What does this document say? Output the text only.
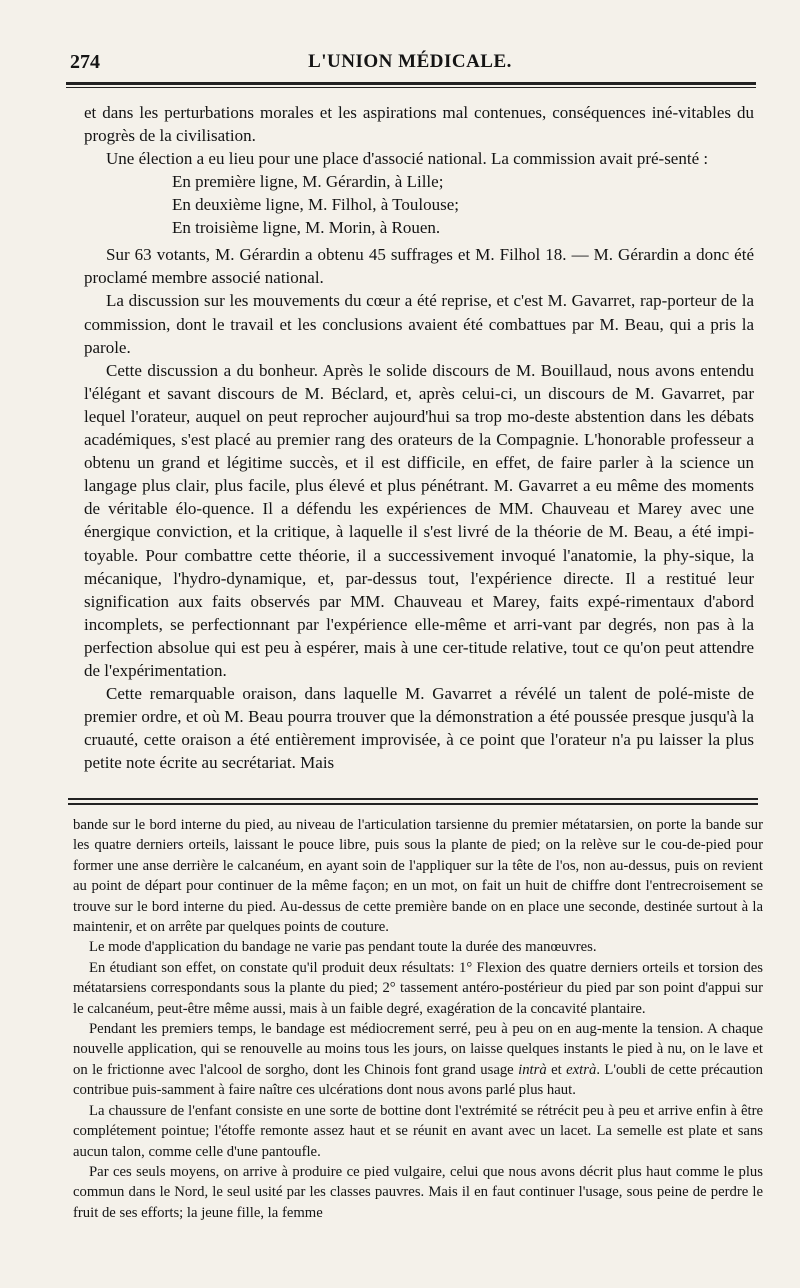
274	L'UNION MÉDICALE.

et dans les perturbations morales et les aspirations mal contenues, conséquences iné-vitables du progrès de la civilisation.

Une élection a eu lieu pour une place d'associé national. La commission avait pré-senté :

En première ligne, M. Gérardin, à Lille;
En deuxième ligne, M. Filhol, à Toulouse;
En troisième ligne, M. Morin, à Rouen.

Sur 63 votants, M. Gérardin a obtenu 45 suffrages et M. Filhol 18. — M. Gérardin a donc été proclamé membre associé national.

La discussion sur les mouvements du cœur a été reprise, et c'est M. Gavarret, rap-porteur de la commission, dont le travail et les conclusions avaient été combattues par M. Beau, qui a pris la parole.

Cette discussion a du bonheur. Après le solide discours de M. Bouillaud, nous avons entendu l'élégant et savant discours de M. Béclard, et, après celui-ci, un discours de M. Gavarret, par lequel l'orateur, auquel on peut reprocher aujourd'hui sa trop mo-deste abstention dans les débats académiques, s'est placé au premier rang des orateurs de la Compagnie. L'honorable professeur a obtenu un grand et légitime succès, et il est difficile, en effet, de faire parler à la science un langage plus clair, plus facile, plus élevé et plus pénétrant. M. Gavarret a eu même des moments de véritable élo-quence. Il a défendu les expériences de MM. Chauveau et Marey avec une énergique conviction, et la critique, à laquelle il s'est livré de la théorie de M. Beau, a été impi-toyable. Pour combattre cette théorie, il a successivement invoqué l'anatomie, la phy-sique, la mécanique, l'hydro-dynamique, et, par-dessus tout, l'expérience directe. Il a restitué leur signification aux faits observés par MM. Chauveau et Marey, faits expé-rimentaux d'abord incomplets, se perfectionnant par l'expérience elle-même et arri-vant par degrés, non pas à la perfection absolue qui est peu à espérer, mais à une cer-titude relative, tout ce qu'on peut attendre de l'expérimentation.

Cette remarquable oraison, dans laquelle M. Gavarret a révélé un talent de polé-miste de premier ordre, et où M. Beau pourra trouver que la démonstration a été poussée presque jusqu'à la cruauté, cette oraison a été entièrement improvisée, à ce point que l'orateur n'a pu laisser la plus petite note écrite au secrétariat. Mais

bande sur le bord interne du pied, au niveau de l'articulation tarsienne du premier métatarsien, on porte la bande sur les quatre derniers orteils, laissant le pouce libre, puis sous la plante de pied; on la relève sur le cou-de-pied pour former une anse derrière le calcanéum, en ayant soin de l'appliquer sur la tête de l'os, non au-dessus, puis on revient au point de départ pour continuer de la même façon; en un mot, on fait un huit de chiffre dont l'entrecroisement se trouve sur le bord interne du pied. Au-dessus de cette première bande on en place une seconde, destinée surtout à la maintenir, et on arrête par quelques points de couture.

Le mode d'application du bandage ne varie pas pendant toute la durée des manœuvres.

En étudiant son effet, on constate qu'il produit deux résultats: 1° Flexion des quatre derniers orteils et torsion des métatarsiens correspondants sous la plante du pied; 2° tassement antéro-postérieur du pied par son point d'appui sur le calcanéum, peut-être même aussi, mais à un faible degré, exagération de la concavité plantaire.

Pendant les premiers temps, le bandage est médiocrement serré, peu à peu on en aug-mente la tension. A chaque nouvelle application, qui se renouvelle au moins tous les jours, on laisse quelques instants le pied à nu, on le lave et on le frictionne avec l'alcool de sorgho, dont les Chinois font grand usage intrà et extrà. L'oubli de cette précaution contribue puis-samment à faire naître ces ulcérations dont nous avons parlé plus haut.

La chaussure de l'enfant consiste en une sorte de bottine dont l'extrémité se rétrécit peu à peu et arrive enfin à être complétement pointue; l'étoffe remonte assez haut et se réunit en avant avec un lacet. La semelle est plate et sans aucun talon, comme celle d'une pantoufle.

Par ces seuls moyens, on arrive à produire ce pied vulgaire, celui que nous avons décrit plus haut comme le plus commun dans le Nord, le seul usité par les classes pauvres. Mais il en faut continuer l'usage, sous peine de perdre le fruit de ses efforts; la jeune fille, la femme
